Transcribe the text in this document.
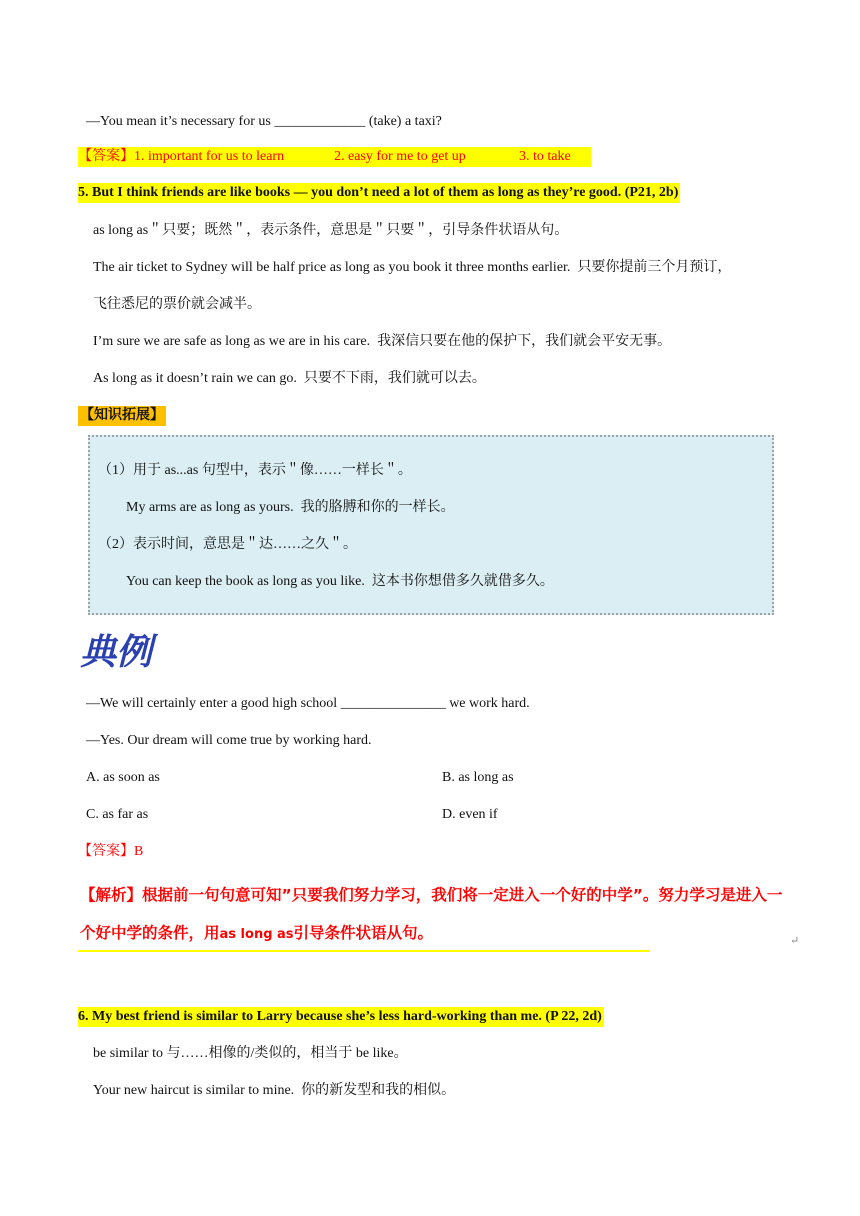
—You mean it’s necessary for us _____________ (take) a taxi?
【答案】1. important for us to learn	2. easy for me to get up	3. to take
5. But I think friends are like books — you don’t need a lot of them as long as they’re good. (P21, 2b)
as long as＂只要；既然＂，表示条件，意思是＂只要＂，引导条件状语从句。
The air ticket to Sydney will be half price as long as you book it three months earlier. 只要你提前三个月预订，
飞往悉尼的票价就会减半。
I’m sure we are safe as long as we are in his care. 我深信只要在他的保护下，我们就会平安无事。
As long as it doesn’t rain we can go. 只要不下雨，我们就可以去。
【知识拓展】
（1）用于 as...as 句型中，表示＂像……一样长＂。
My arms are as long as yours. 我的胳膊和你的一样长。
（2）表示时间，意思是＂达……之久＂。
You can keep the book as long as you like. 这本书你想借多久就借多久。
典例
—We will certainly enter a good high school _______________ we work hard.
—Yes. Our dream will come true by working hard.
A. as soon as	B. as long as
C. as far as	D. even if
【答案】B
【解析】根据前一句句意可知”只要我们努力学习，我们将一定进入一个好的中学”。努力学习是进入一
个好中学的条件，用as long as引导条件状语从句。	↵
6. My best friend is similar to Larry because she’s less hard-working than me. (P 22, 2d)
be similar to 与……相像的/类似的，相当于 be like。
Your new haircut is similar to mine. 你的新发型和我的相似。
